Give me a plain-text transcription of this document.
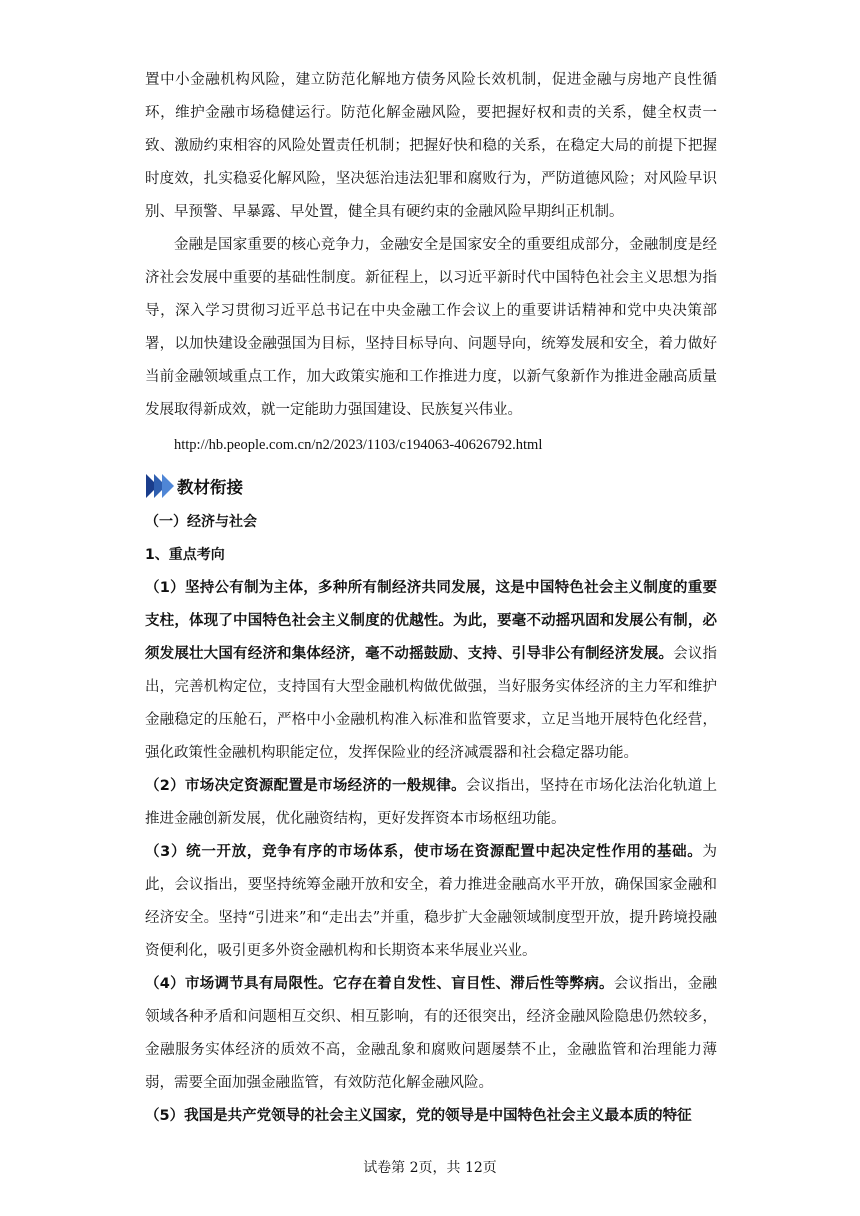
置中小金融机构风险，建立防范化解地方债务风险长效机制，促进金融与房地产良性循环，维护金融市场稳健运行。防范化解金融风险，要把握好权和责的关系，健全权责一致、激励约束相容的风险处置责任机制；把握好快和稳的关系，在稳定大局的前提下把握时度效，扎实稳妥化解风险，坚决惩治违法犯罪和腐败行为，严防道德风险；对风险早识别、早预警、早暴露、早处置，健全具有硬约束的金融风险早期纠正机制。

金融是国家重要的核心竞争力，金融安全是国家安全的重要组成部分，金融制度是经济社会发展中重要的基础性制度。新征程上，以习近平新时代中国特色社会主义思想为指导，深入学习贯彻习近平总书记在中央金融工作会议上的重要讲话精神和党中央决策部署，以加快建设金融强国为目标，坚持目标导向、问题导向，统筹发展和安全，着力做好当前金融领域重点工作，加大政策实施和工作推进力度，以新气象新作为推进金融高质量发展取得新成效，就一定能助力强国建设、民族复兴伟业。

http://hb.people.com.cn/n2/2023/1103/c194063-40626792.html

教材衔接

（一）经济与社会

1、重点考向

（1）坚持公有制为主体，多种所有制经济共同发展，这是中国特色社会主义制度的重要支柱，体现了中国特色社会主义制度的优越性。为此，要毫不动摇巩固和发展公有制，必须发展壮大国有经济和集体经济，毫不动摇鼓励、支持、引导非公有制经济发展。会议指出，完善机构定位，支持国有大型金融机构做优做强，当好服务实体经济的主力军和维护金融稳定的压舱石，严格中小金融机构准入标准和监管要求，立足当地开展特色化经营，强化政策性金融机构职能定位，发挥保险业的经济减震器和社会稳定器功能。

（2）市场决定资源配置是市场经济的一般规律。会议指出，坚持在市场化法治化轨道上推进金融创新发展，优化融资结构，更好发挥资本市场枢纽功能。

（3）统一开放，竞争有序的市场体系，使市场在资源配置中起决定性作用的基础。为此，会议指出，要坚持统筹金融开放和安全，着力推进金融高水平开放，确保国家金融和经济安全。坚持“引进来”和“走出去”并重，稳步扩大金融领域制度型开放，提升跨境投融资便利化，吸引更多外资金融机构和长期资本来华展业兴业。

（4）市场调节具有局限性。它存在着自发性、盲目性、滞后性等弊病。会议指出，金融领域各种矛盾和问题相互交织、相互影响，有的还很突出，经济金融风险隐患仍然较多，金融服务实体经济的质效不高，金融乱象和腐败问题屡禁不止，金融监管和治理能力薄弱，需要全面加强金融监管，有效防范化解金融风险。

（5）我国是共产党领导的社会主义国家，党的领导是中国特色社会主义最本质的特征

试卷第 2页，共 12页
